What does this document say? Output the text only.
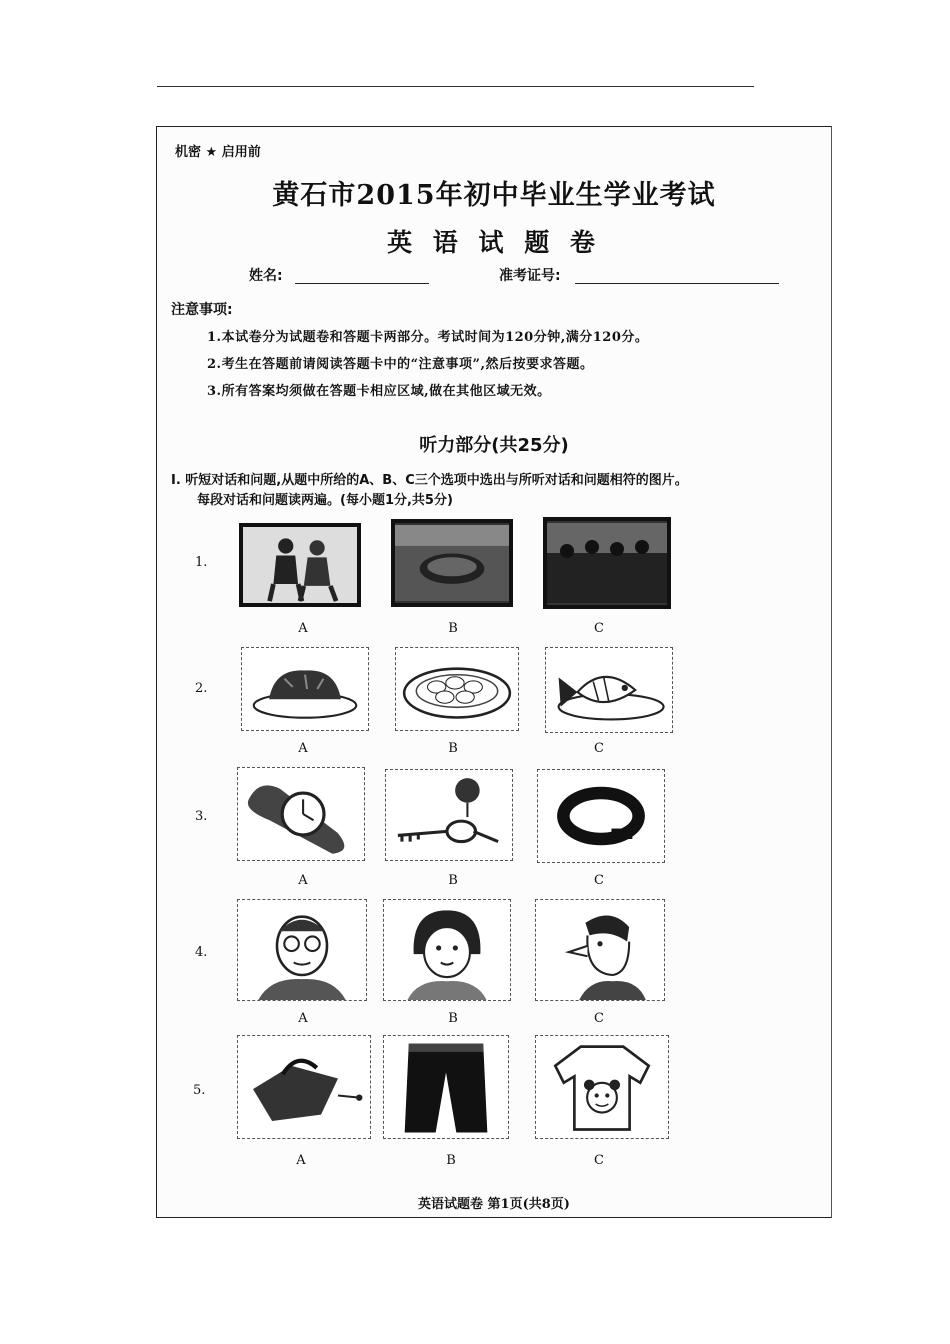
机密 ★ 启用前
黄石市2015年初中毕业生学业考试
英 语 试 题 卷
姓名:	准考证号:
注意事项:
1.本试卷分为试题卷和答题卡两部分。考试时间为120分钟,满分120分。
2.考生在答题前请阅读答题卡中的“注意事项”,然后按要求答题。
3.所有答案均须做在答题卡相应区域,做在其他区域无效。
听力部分(共25分)
I. 听短对话和问题,从题中所给的A、B、C三个选项中选出与所听对话和问题相符的图片。
每段对话和问题读两遍。(每小题1分,共5分)
1.
A	B	C
2.
A	B	C
3.
A	B	C
4.
A	B	C
5.
A	B	C
英语试题卷 第1页(共8页)
